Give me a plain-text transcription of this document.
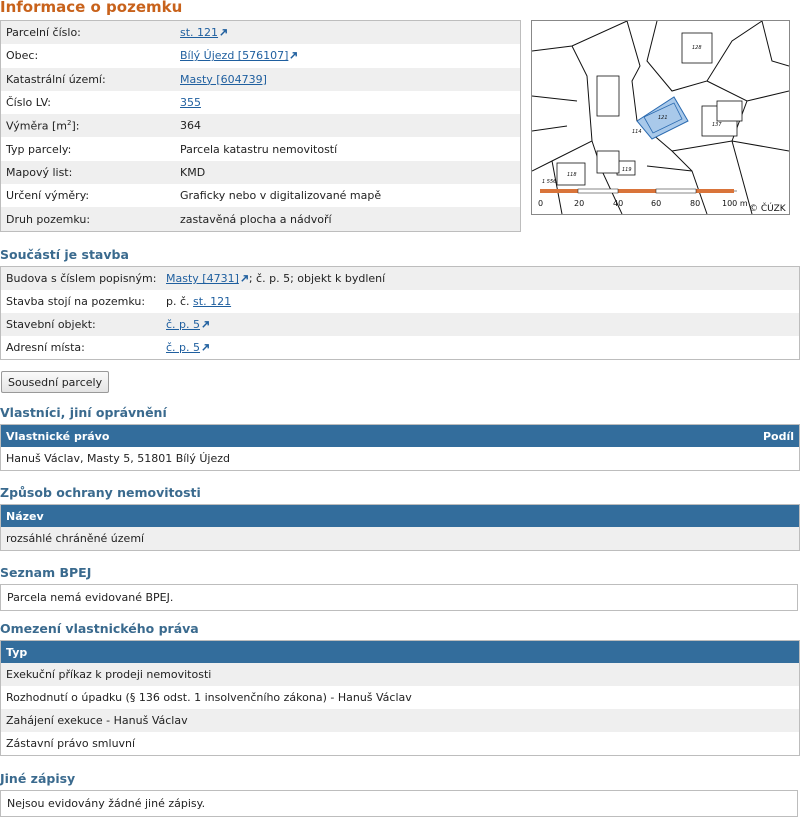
Informace o pozemku
Parcelní číslo:	st. 121
Obec:	Bílý Újezd [576107]
Katastrální území:	Masty [604739]
Číslo LV:	355
Výměra $[m^2]$:	364
Typ parcely:	Parcela katastru nemovitostí
Mapový list:	KMD
Určení výměry:	Graficky nebo v digitalizované mapě
Druh pozemku:	zastavěná plocha a nádvoří
121
1 556
119
118
137
128
114
0	20	40	60	80	100 m
© ČÚZK
Součástí je stavba
Budova s číslem popisným: Masty [4731] ; č. p. 5; objekt k bydlení
Stavba stojí na pozemku:	p. č. st. 121
Stavební objekt:	č. p. 5
Adresní místa:	č. p. 5
Sousední parcely
Vlastníci, jiní oprávnění
Vlastnické právo	Podíl
Hanuš Václav, Masty 5, 51801 Bílý Újezd
Způsob ochrany nemovitosti
Název
rozsáhlé chráněné území
Seznam BPEJ
Parcela nemá evidované BPEJ.
Omezení vlastnického práva
Typ
Exekuční příkaz k prodeji nemovitosti
Rozhodnutí o úpadku (§ 136 odst. 1 insolvenčního zákona) - Hanuš Václav
Zahájení exekuce - Hanuš Václav
Zástavní právo smluvní
Jiné zápisy
Nejsou evidovány žádné jiné zápisy.
